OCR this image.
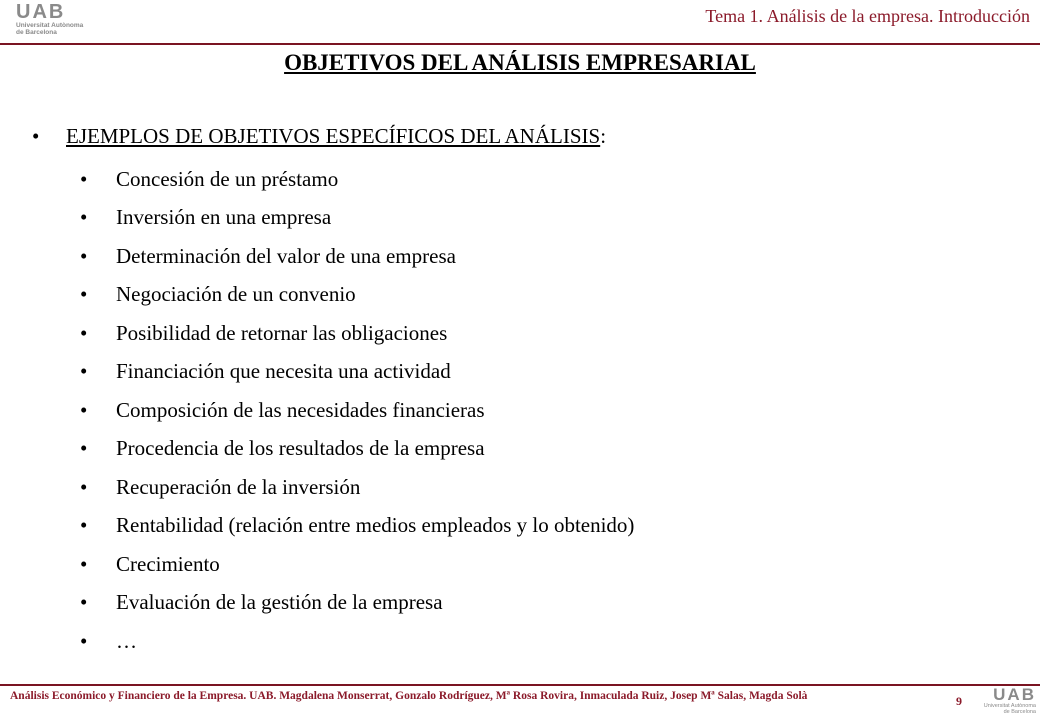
UAB
Universitat Autònoma
de Barcelona
Tema 1. Análisis de la empresa. Introducción
OBJETIVOS DEL ANÁLISIS EMPRESARIAL
•	EJEMPLOS DE OBJETIVOS ESPECÍFICOS DEL ANÁLISIS :
•	Concesión de un préstamo
•	Inversión en una empresa
•	Determinación del valor de una empresa
•	Negociación de un convenio
•	Posibilidad de retornar las obligaciones
•	Financiación que necesita una actividad
•	Composición de las necesidades financieras
•	Procedencia de los resultados de la empresa
•	Recuperación de la inversión
•	Rentabilidad (relación entre medios empleados y lo obtenido)
•	Crecimiento
•	Evaluación de la gestión de la empresa
•	…
Análisis Económico y Financiero de la Empresa. UAB. Magdalena Monserrat, Gonzalo Rodríguez, Mª Rosa Rovira, Inmaculada Ruiz, Josep Mª Salas, Magda Solà	9	UAB
Universitat Autònoma
de Barcelona
